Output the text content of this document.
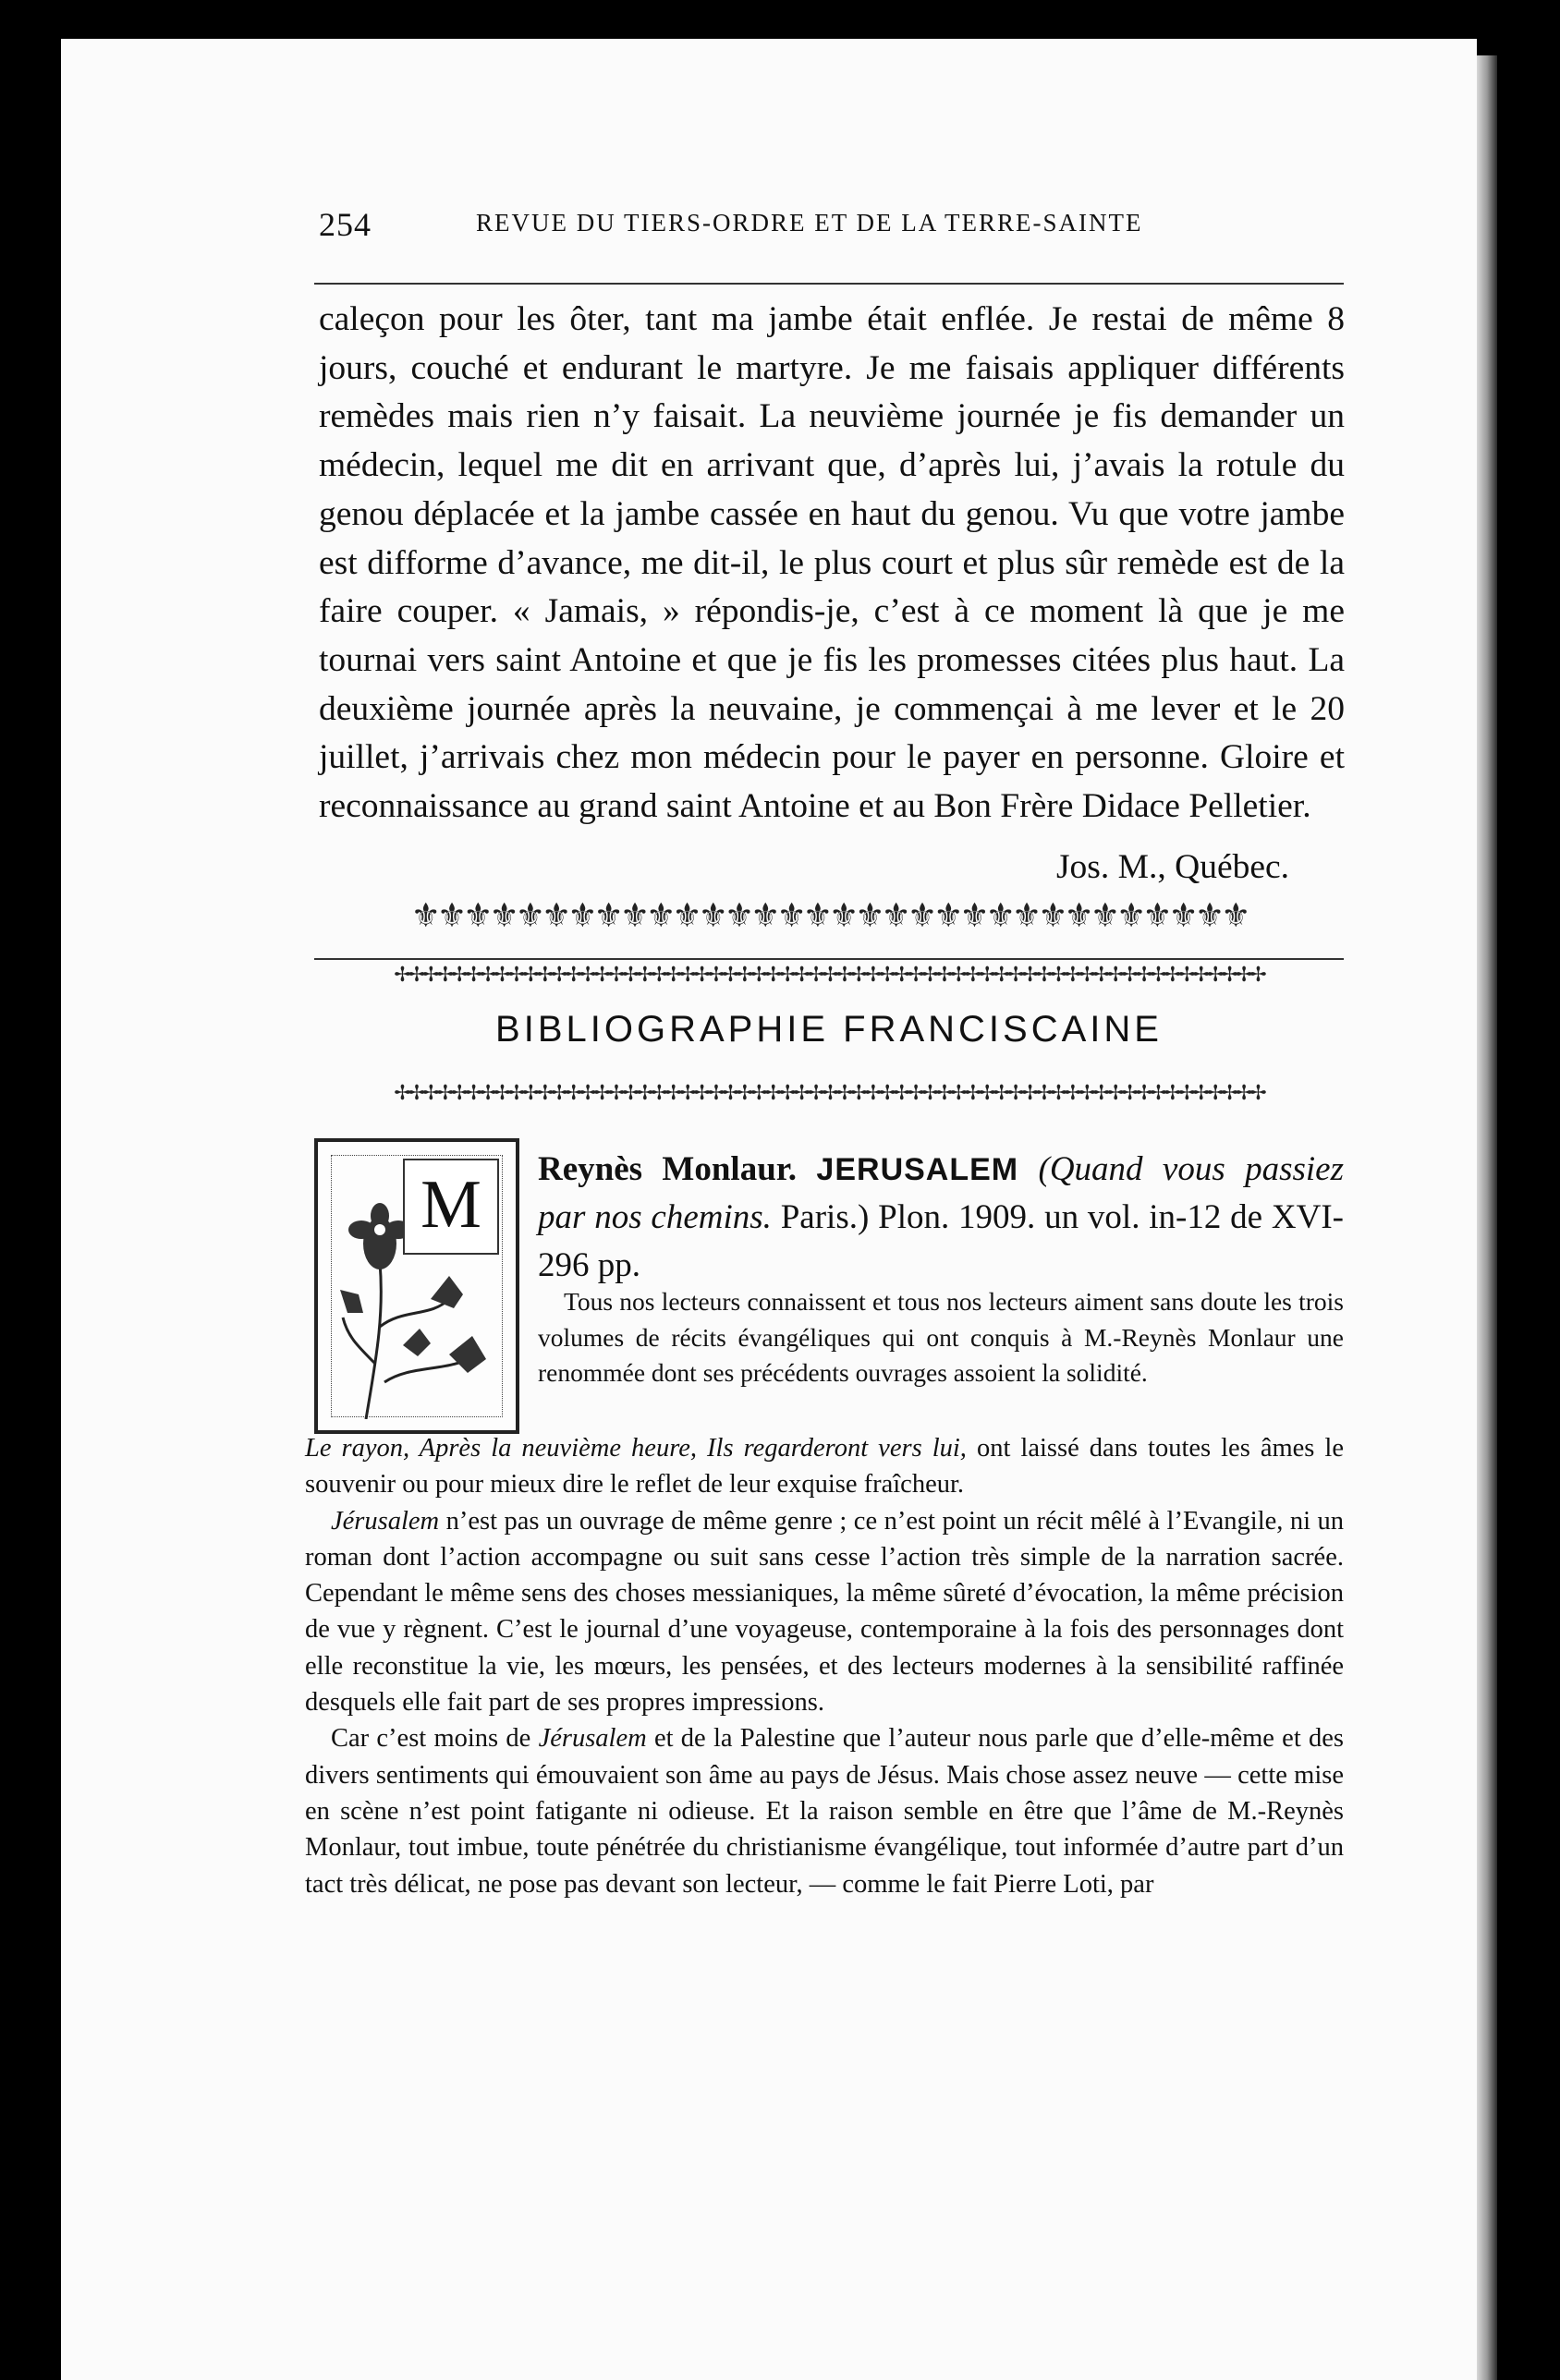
254	REVUE DU TIERS-ORDRE ET DE LA TERRE-SAINTE
caleçon pour les ôter, tant ma jambe était enflée. Je restai de même 8 jours, couché et endurant le martyre. Je me faisais appliquer différents remèdes mais rien n’y faisait. La neuvième journée je fis demander un médecin, lequel me dit en arrivant que, d’après lui, j’avais la rotule du genou déplacée et la jambe cassée en haut du genou. Vu que votre jambe est difforme d’avance, me dit-il, le plus court et plus sûr remède est de la faire couper. « Jamais, » répondis-je, c’est à ce moment là que je me tournai vers saint Antoine et que je fis les promesses citées plus haut. La deuxième journée après la neuvaine, je commençai à me lever et le 20 juillet, j’arrivais chez mon médecin pour le payer en personne. Gloire et reconnaissance au grand saint Antoine et au Bon Frère Didace Pelletier.
Jos. M., Québec.
⚜⚜⚜⚜⚜⚜⚜⚜⚜⚜⚜⚜⚜⚜⚜⚜⚜⚜⚜⚜⚜⚜⚜⚜⚜⚜⚜⚜⚜⚜⚜⚜
✢✢✢✢✢✢✢✢✢✢✢✢✢✢✢✢✢✢✢✢✢✢✢✢✢✢✢✢✢✢✢✢✢✢✢✢✢✢✢✢✢✢✢✢✢✢✢✢✢✢✢✢✢✢✢✢✢✢✢✢✢
BIBLIOGRAPHIE FRANCISCAINE
✢✢✢✢✢✢✢✢✢✢✢✢✢✢✢✢✢✢✢✢✢✢✢✢✢✢✢✢✢✢✢✢✢✢✢✢✢✢✢✢✢✢✢✢✢✢✢✢✢✢✢✢✢✢✢✢✢✢✢✢✢
M	Reynès Monlaur. JERUSALEM (Quand vous passiez par nos chemins. Paris.) Plon. 1909. un vol. in-12 de XVI-296 pp.
Tous nos lecteurs connaissent et tous nos lecteurs aiment sans doute les trois volumes de récits évangéliques qui ont conquis à M.-Reynès Monlaur une renommée dont ses précédents ouvrages assoient la solidité.

Le rayon, Après la neuvième heure, Ils regarderont vers lui, ont laissé dans toutes les âmes le souvenir ou pour mieux dire le reflet de leur exquise fraîcheur.

Jérusalem n’est pas un ouvrage de même genre ; ce n’est point un récit mêlé à l’Evangile, ni un roman dont l’action accompagne ou suit sans cesse l’action très simple de la narration sacrée. Cependant le même sens des choses messianiques, la même sûreté d’évocation, la même précision de vue y règnent. C’est le journal d’une voyageuse, contemporaine à la fois des personnages dont elle reconstitue la vie, les mœurs, les pensées, et des lecteurs modernes à la sensibilité raffinée desquels elle fait part de ses propres impressions.

Car c’est moins de Jérusalem et de la Palestine que l’auteur nous parle que d’elle-même et des divers sentiments qui émouvaient son âme au pays de Jésus. Mais chose assez neuve — cette mise en scène n’est point fatigante ni odieuse. Et la raison semble en être que l’âme de M.-Reynès Monlaur, tout imbue, toute pénétrée du christianisme évangélique, tout informée d’autre part d’un tact très délicat, ne pose pas devant son lecteur, — comme le fait Pierre Loti, par
